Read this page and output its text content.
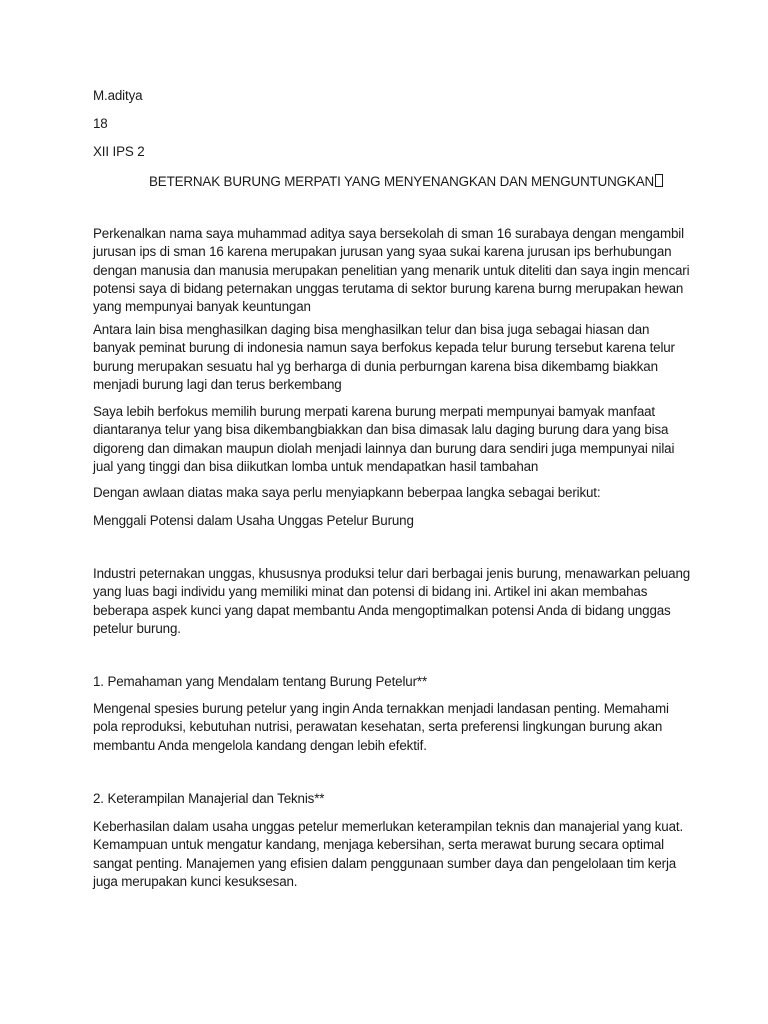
M.aditya
18
XII IPS 2
BETERNAK BURUNG MERPATI YANG MENYENANGKAN DAN MENGUNTUNGKAN

Perkenalkan nama saya muhammad aditya saya bersekolah di sman 16 surabaya dengan mengambil jurusan ips di sman 16 karena merupakan jurusan yang syaa sukai karena jurusan ips berhubungan dengan manusia dan manusia merupakan penelitian yang menarik untuk diteliti dan saya ingin mencari potensi saya di bidang peternakan unggas terutama di sektor burung karena burng merupakan hewan yang mempunyai banyak keuntungan

Antara lain bisa menghasilkan daging bisa menghasilkan telur dan bisa juga sebagai hiasan dan banyak peminat burung di indonesia namun saya berfokus kepada telur burung tersebut karena telur burung merupakan sesuatu hal yg berharga di dunia perburngan karena bisa dikembamg biakkan menjadi burung lagi dan terus berkembang

Saya lebih berfokus memilih burung merpati karena burung merpati mempunyai bamyak manfaat diantaranya telur yang bisa dikembangbiakkan dan bisa dimasak lalu daging burung dara yang bisa digoreng dan dimakan maupun diolah menjadi lainnya dan burung dara sendiri juga mempunyai nilai jual yang tinggi dan bisa diikutkan lomba untuk mendapatkan hasil tambahan

Dengan awlaan diatas maka saya perlu menyiapkann beberpaa langka sebagai berikut:

Menggali Potensi dalam Usaha Unggas Petelur Burung

Industri peternakan unggas, khususnya produksi telur dari berbagai jenis burung, menawarkan peluang yang luas bagi individu yang memiliki minat dan potensi di bidang ini. Artikel ini akan membahas beberapa aspek kunci yang dapat membantu Anda mengoptimalkan potensi Anda di bidang unggas petelur burung.

1. Pemahaman yang Mendalam tentang Burung Petelur**

Mengenal spesies burung petelur yang ingin Anda ternakkan menjadi landasan penting. Memahami pola reproduksi, kebutuhan nutrisi, perawatan kesehatan, serta preferensi lingkungan burung akan membantu Anda mengelola kandang dengan lebih efektif.

2. Keterampilan Manajerial dan Teknis**

Keberhasilan dalam usaha unggas petelur memerlukan keterampilan teknis dan manajerial yang kuat. Kemampuan untuk mengatur kandang, menjaga kebersihan, serta merawat burung secara optimal sangat penting. Manajemen yang efisien dalam penggunaan sumber daya dan pengelolaan tim kerja juga merupakan kunci kesuksesan.
